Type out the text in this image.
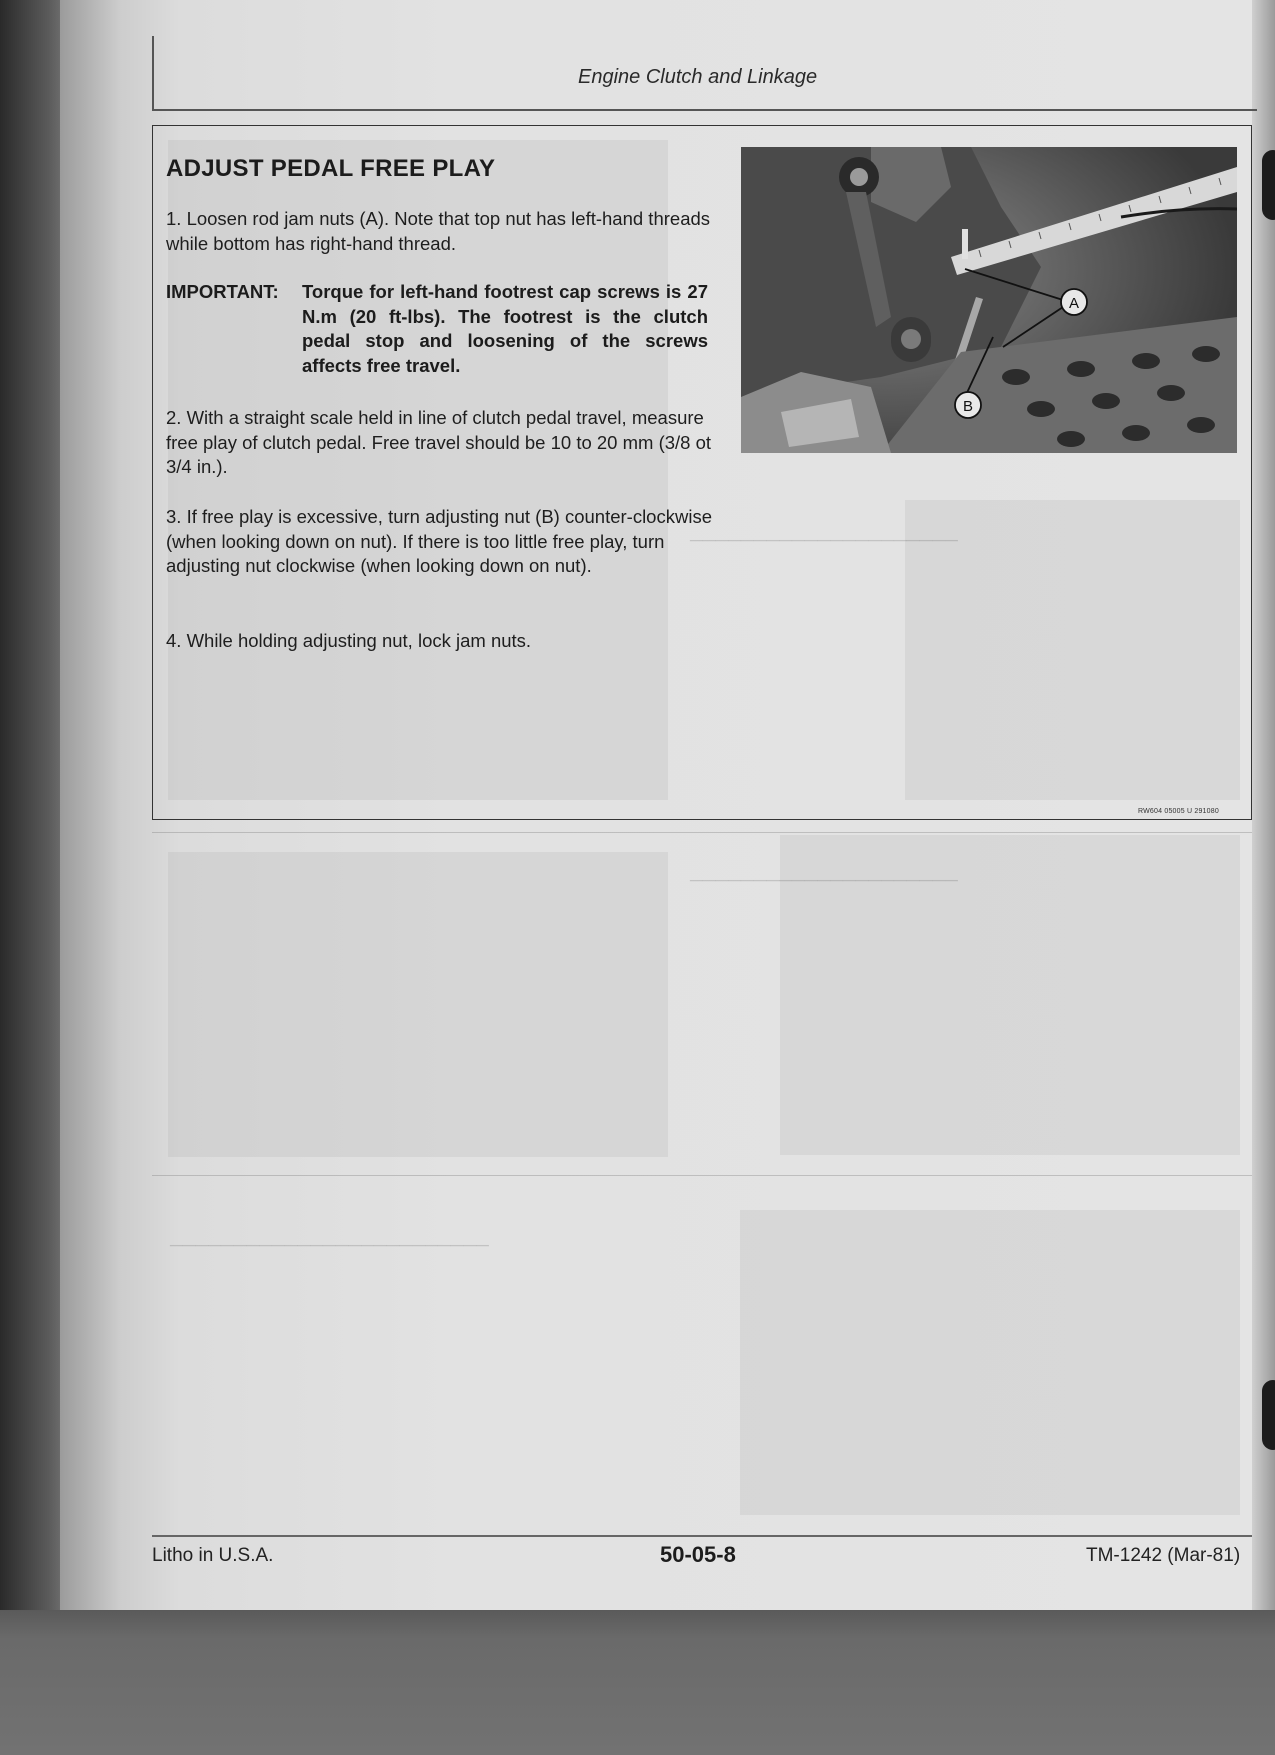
─────────────────────
─────────────────────
─────────────────────────
Engine Clutch and Linkage
ADJUST PEDAL FREE PLAY
1. Loosen rod jam nuts (A). Note that top nut has left-hand threads while bottom has right-hand thread.
IMPORTANT: Torque for left-hand footrest cap screws is 27 N.m (20 ft-lbs). The footrest is the clutch pedal stop and loosening of the screws affects free travel.
2. With a straight scale held in line of clutch pedal travel, measure free play of clutch pedal. Free travel should be 10 to 20 mm (3/8 ot 3/4 in.).
3. If free play is excessive, turn adjusting nut (B) counter-clockwise (when looking down on nut). If there is too little free play, turn adjusting nut clockwise (when looking down on nut).
4. While holding adjusting nut, lock jam nuts.
A
B
RW604 05005 U 291080
Litho in U.S.A.	50-05-8	TM-1242 (Mar-81)
